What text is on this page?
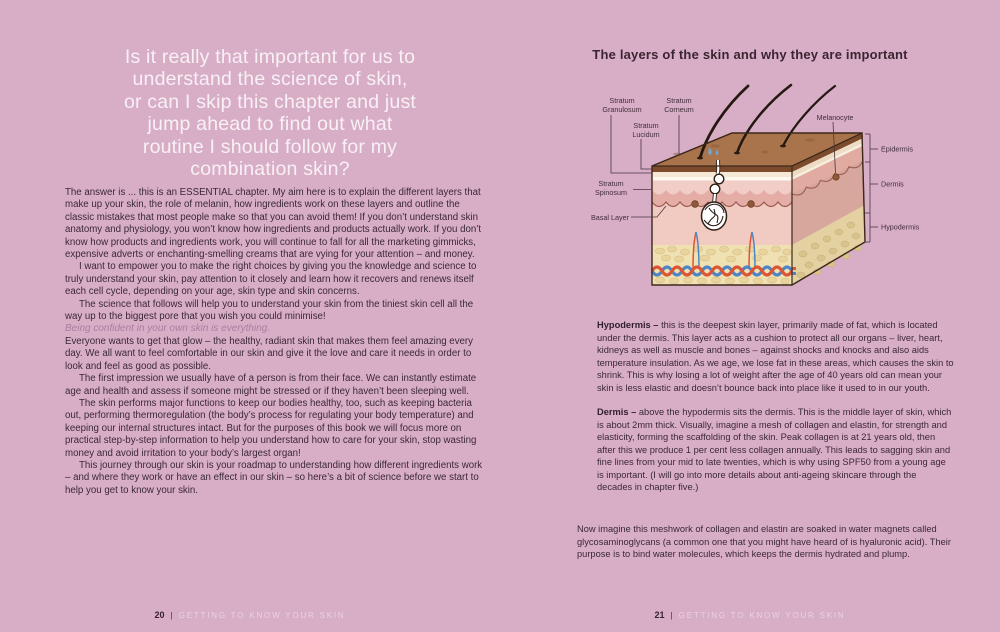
Is it really that important for us to
understand the science of skin,
or can I skip this chapter and just
jump ahead to find out what
routine I should follow for my
combination skin?

The answer is ... this is an ESSENTIAL chapter. My aim here is to explain the different layers that make up your skin, the role of melanin, how ingredients work on these layers and outline the classic mistakes that most people make so that you can avoid them! If you don’t understand skin anatomy and physiology, you won’t know how ingredients and products actually work. If you don’t know how products and ingredients work, you will continue to fall for all the marketing gimmicks, expensive adverts or enchanting-smelling creams that are vying for your attention – and money.

I want to empower you to make the right choices by giving you the knowledge and science to truly understand your skin, pay attention to it closely and learn how it recovers and renews itself each cell cycle, depending on your age, skin type and skin concerns.

The science that follows will help you to understand your skin from the tiniest skin cell all the way up to the biggest pore that you wish you could minimise!

Being confident in your own skin is everything.

Everyone wants to get that glow – the healthy, radiant skin that makes them feel amazing every day. We all want to feel comfortable in our skin and give it the love and care it needs in order to look and feel as good as possible.

The first impression we usually have of a person is from their face. We can instantly estimate age and health and assess if someone might be stressed or if they haven’t been sleeping well.

The skin performs major functions to keep our bodies healthy, too, such as keeping bacteria out, performing thermoregulation (the body’s process for regulating your body temperature) and keeping our internal structures intact. But for the purposes of this book we will focus more on practical step-by-step information to help you understand how to care for your skin, stop wasting money and avoid irritation to your body’s largest organ!

This journey through our skin is your roadmap to understanding how different ingredients work – and where they work or have an effect in our skin – so here’s a bit of science before we start to help you get to know your skin.

20 | GETTING TO KNOW YOUR SKIN
The layers of the skin and why they are important
Stratum
Granulosum
Stratum
Corneum
Stratum
Lucidum
Stratum
Spinosum
Basal Layer
Melanocyte
Epidermis
Dermis
Hypodermis

Hypodermis – this is the deepest skin layer, primarily made of fat, which is located under the dermis. This layer acts as a cushion to protect all our organs – liver, heart, kidneys as well as muscle and bones – against shocks and knocks and also aids temperature insulation. As we age, we lose fat in these areas, which causes the skin to shrink. This is why losing a lot of weight after the age of 40 years old can mean your skin is less elastic and doesn’t bounce back into place like it used to in our youth.

Dermis – above the hypodermis sits the dermis. This is the middle layer of skin, which is about 2mm thick. Visually, imagine a mesh of collagen and elastin, for strength and elasticity, forming the scaffolding of the skin. Peak collagen is at 21 years old, then after this we produce 1 per cent less collagen annually. This leads to sagging skin and fine lines from your mid to late twenties, which is why using SPF50 from a young age is important. (I will go into more details about anti-ageing skincare through the decades in chapter five.)

Now imagine this meshwork of collagen and elastin are soaked in water magnets called glycosaminoglycans (a common one that you might have heard of is hyaluronic acid). Their purpose is to bind water molecules, which keeps the dermis hydrated and plump.
21 | GETTING TO KNOW YOUR SKIN
